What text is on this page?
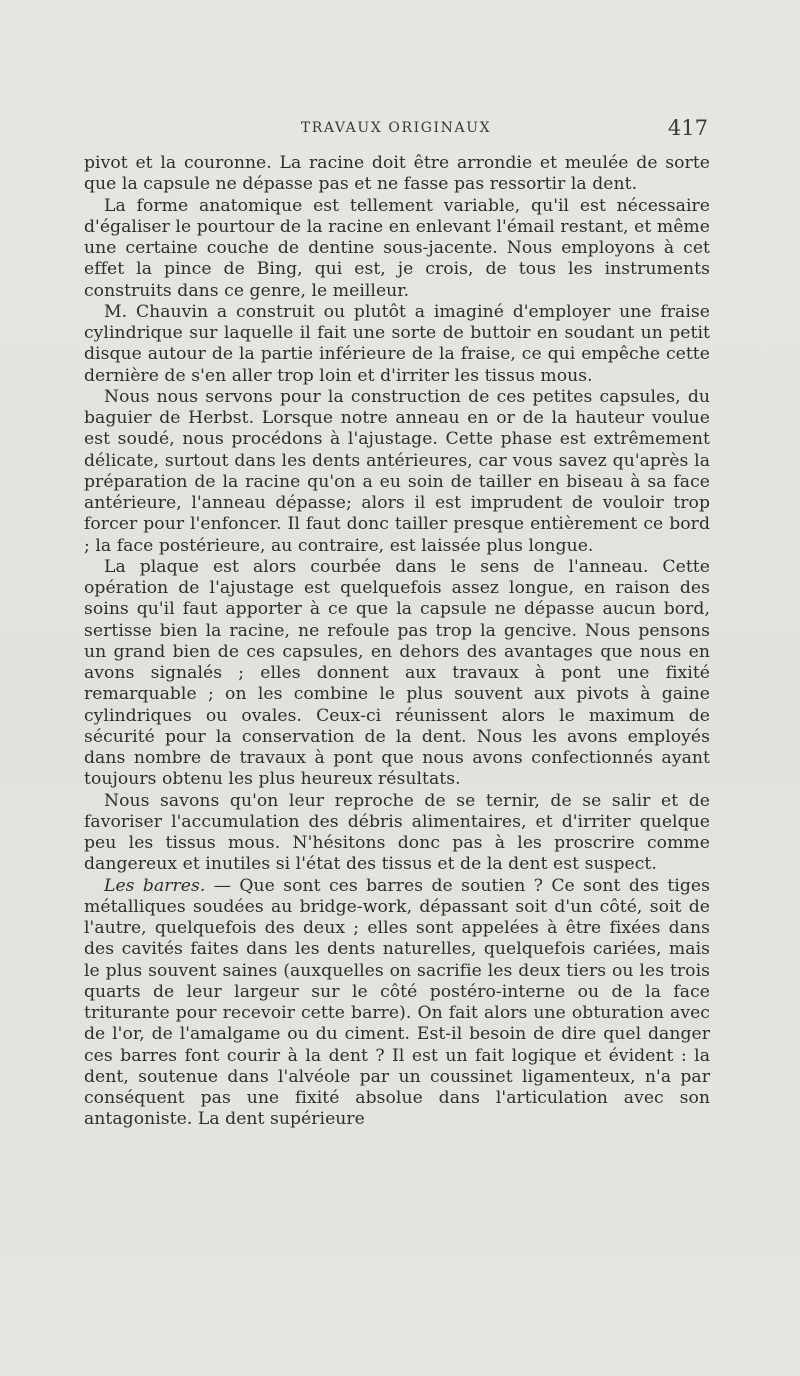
TRAVAUX ORIGINAUX	417

pivot et la couronne. La racine doit être arrondie et meulée de sorte que la capsule ne dépasse pas et ne fasse pas ressortir la dent.

La forme anatomique est tellement variable, qu'il est nécessaire d'égaliser le pourtour de la racine en enlevant l'émail restant, et même une certaine couche de dentine sous-jacente. Nous employons à cet effet la pince de Bing, qui est, je crois, de tous les instruments construits dans ce genre, le meilleur.

M. Chauvin a construit ou plutôt a imaginé d'employer une fraise cylindrique sur laquelle il fait une sorte de buttoir en soudant un petit disque autour de la partie inférieure de la fraise, ce qui empêche cette dernière de s'en aller trop loin et d'irriter les tissus mous.

Nous nous servons pour la construction de ces petites capsules, du baguier de Herbst. Lorsque notre anneau en or de la hauteur voulue est soudé, nous procédons à l'ajustage. Cette phase est extrêmement délicate, surtout dans les dents antérieures, car vous savez qu'après la préparation de la racine qu'on a eu soin de tailler en biseau à sa face antérieure, l'anneau dépasse; alors il est imprudent de vouloir trop forcer pour l'enfoncer. Il faut donc tailler presque entièrement ce bord ; la face postérieure, au contraire, est laissée plus longue.

La plaque est alors courbée dans le sens de l'anneau. Cette opération de l'ajustage est quelquefois assez longue, en raison des soins qu'il faut apporter à ce que la capsule ne dépasse aucun bord, sertisse bien la racine, ne refoule pas trop la gencive. Nous pensons un grand bien de ces capsules, en dehors des avantages que nous en avons signalés ; elles donnent aux travaux à pont une fixité remarquable ; on les combine le plus souvent aux pivots à gaine cylindriques ou ovales. Ceux-ci réunissent alors le maximum de sécurité pour la conservation de la dent. Nous les avons employés dans nombre de travaux à pont que nous avons confectionnés ayant toujours obtenu les plus heureux résultats.

Nous savons qu'on leur reproche de se ternir, de se salir et de favoriser l'accumulation des débris alimentaires, et d'irriter quelque peu les tissus mous. N'hésitons donc pas à les proscrire comme dangereux et inutiles si l'état des tissus et de la dent est suspect.

Les barres. — Que sont ces barres de soutien ? Ce sont des tiges métalliques soudées au bridge-work, dépassant soit d'un côté, soit de l'autre, quelquefois des deux ; elles sont appelées à être fixées dans des cavités faites dans les dents naturelles, quelquefois cariées, mais le plus souvent saines (auxquelles on sacrifie les deux tiers ou les trois quarts de leur largeur sur le côté postéro-interne ou de la face triturante pour recevoir cette barre). On fait alors une obturation avec de l'or, de l'amalgame ou du ciment. Est-il besoin de dire quel danger ces barres font courir à la dent ? Il est un fait logique et évident : la dent, soutenue dans l'alvéole par un coussinet ligamenteux, n'a par conséquent pas une fixité absolue dans l'articulation avec son antagoniste. La dent supérieure
